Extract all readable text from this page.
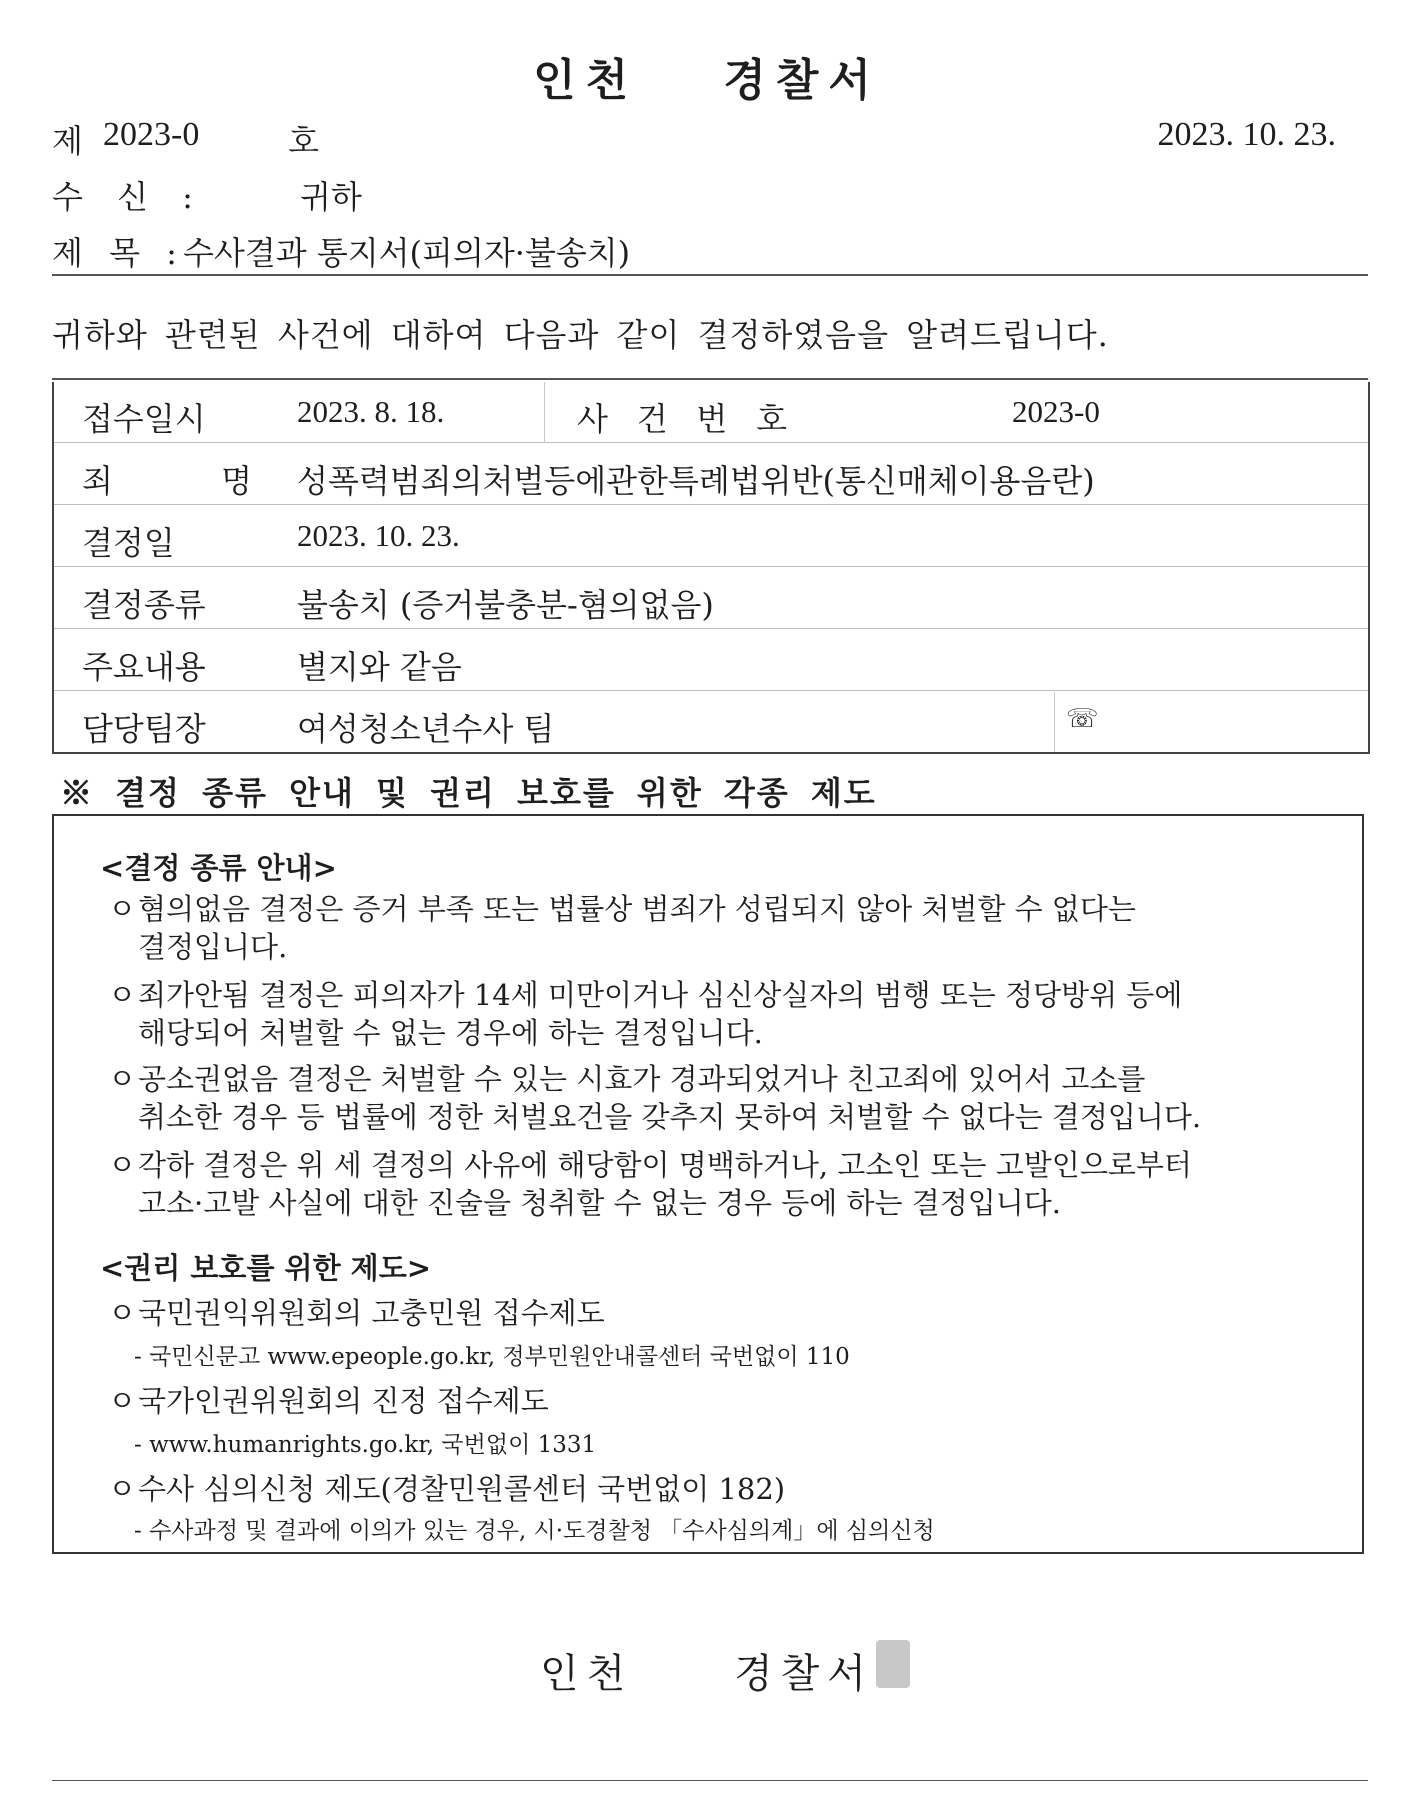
인천 경찰서
제 2023-0	호	2023. 10. 23.
수 신 :	귀하
제 목 :
수사결과 통지서(피의자·불송치)
귀하와 관련된 사건에 대하여 다음과 같이 결정하였음을 알려드립니다.
접수일시	2023. 8. 18.	사 건 번 호	2023-0
죄 명 성폭력범죄의처벌등에관한특례법위반(통신매체이용음란)
결정일	2023. 10. 23.
결정종류	불송치 (증거불충분-혐의없음)
주요내용	별지와 같음
담당팀장	여성청소년수사 팀	☏
※ 결정 종류 안내 및 권리 보호를 위한 각종 제도
<결정 종류 안내>
ㅇ 혐의없음 결정은 증거 부족 또는 법률상 범죄가 성립되지 않아 처벌할 수 없다는
결정입니다.
ㅇ 죄가안됨 결정은 피의자가 14세 미만이거나 심신상실자의 범행 또는 정당방위 등에
해당되어 처벌할 수 없는 경우에 하는 결정입니다.
ㅇ 공소권없음 결정은 처벌할 수 있는 시효가 경과되었거나 친고죄에 있어서 고소를
취소한 경우 등 법률에 정한 처벌요건을 갖추지 못하여 처벌할 수 없다는 결정입니다.
ㅇ 각하 결정은 위 세 결정의 사유에 해당함이 명백하거나, 고소인 또는 고발인으로부터
고소·고발 사실에 대한 진술을 청취할 수 없는 경우 등에 하는 결정입니다.
<권리 보호를 위한 제도>
ㅇ 국민권익위원회의 고충민원 접수제도
- 국민신문고 www.epeople.go.kr, 정부민원안내콜센터 국번없이 110
ㅇ 국가인권위원회의 진정 접수제도
- www.humanrights.go.kr, 국번없이 1331
ㅇ 수사 심의신청 제도(경찰민원콜센터 국번없이 182)
- 수사과정 및 결과에 이의가 있는 경우, 시·도경찰청 「수사심의계」에 심의신청
인천 경찰서
